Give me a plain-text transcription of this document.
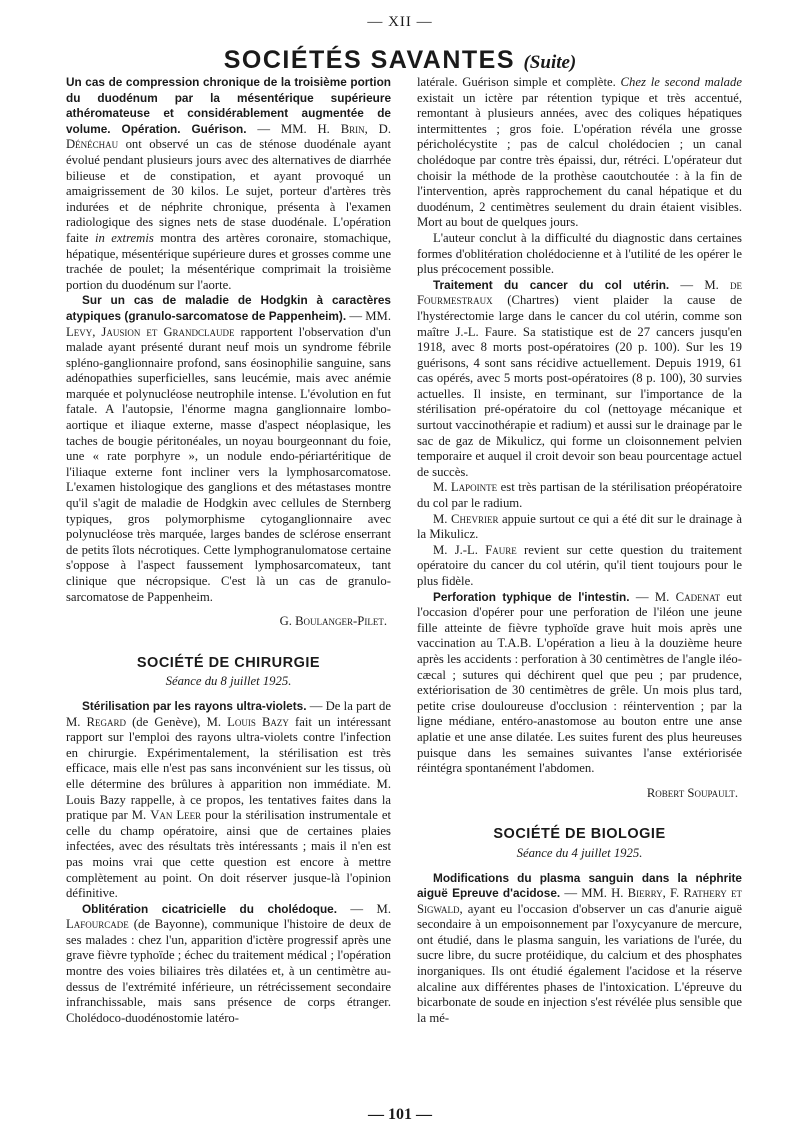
— XII —
SOCIÉTÉS SAVANTES (Suite)

Un cas de compression chronique de la troisième portion du duodénum par la mésentérique supérieure athéromateuse et considérablement augmentée de volume. Opération. Guérison. — MM. H. Brin, D. Dénéchau ont observé un cas de sténose duodénale ayant évolué pendant plusieurs jours avec des alternatives de diarrhée bilieuse et de constipation, et ayant provoqué un amaigrissement de 30 kilos. Le sujet, porteur d'artères très indurées et de néphrite chronique, présenta à l'examen radiologique des signes nets de stase duodénale. L'opération faite in extremis montra des artères coronaire, stomachique, hépatique, mésentérique supérieure dures et grosses comme une trachée de poulet; la mésentérique comprimait la troisième portion du duodénum sur l'aorte.

Sur un cas de maladie de Hodgkin à caractères atypiques (granulo-sarcomatose de Pappenheim). — MM. Levy, Jausion et Grandclaude rapportent l'observation d'un malade ayant présenté durant neuf mois un syndrome fébrile spléno-ganglionnaire profond, sans éosinophilie sanguine, sans adénopathies superficielles, sans leucémie, mais avec anémie marquée et polynucléose neutrophile intense. L'évolution en fut fatale. A l'autopsie, l'énorme magna ganglionnaire lombo-aortique et iliaque externe, masse d'aspect néoplasique, les taches de bougie péritonéales, un noyau bourgeonnant du foie, une « rate porphyre », un nodule endo-périartéritique de l'iliaque externe font incliner vers la lymphosarcomatose. L'examen histologique des ganglions et des métastases montre qu'il s'agit de maladie de Hodgkin avec cellules de Sternberg typiques, gros polymorphisme cytoganglionnaire avec polynucléose très marquée, larges bandes de sclérose enserrant de petits îlots nécrotiques. Cette lymphogranulomatose certaine s'oppose à l'aspect faussement lymphosarcomateux, tant clinique que nécropsique. C'est là un cas de granulo-sarcomatose de Pappenheim.

G. Boulanger-Pilet.
SOCIÉTÉ DE CHIRURGIE
Séance du 8 juillet 1925.

Stérilisation par les rayons ultra-violets. — De la part de M. Regard (de Genève), M. Louis Bazy fait un intéressant rapport sur l'emploi des rayons ultra-violets contre l'infection en chirurgie. Expérimentalement, la stérilisation est très efficace, mais elle n'est pas sans inconvénient sur les tissus, où elle détermine des brûlures à apparition non immédiate. M. Louis Bazy rappelle, à ce propos, les tentatives faites dans la pratique par M. Van Leer pour la stérilisation instrumentale et celle du champ opératoire, ainsi que de certaines plaies infectées, avec des résultats très intéressants ; mais il n'en est pas moins vrai que cette question est encore à mettre complètement au point. On doit réserver jusque-là l'opinion définitive.

Oblitération cicatricielle du cholédoque. — M. Lafourcade (de Bayonne), communique l'histoire de deux de ses malades : chez l'un, apparition d'ictère progressif après une grave fièvre typhoïde ; échec du traitement médical ; l'opération montre des voies biliaires très dilatées et, à un centimètre au-dessus de l'extrémité inférieure, un rétrécissement secondaire infranchissable, mais sans présence de corps étranger. Cholédoco-duodénostomie latéro-

latérale. Guérison simple et complète. Chez le second malade existait un ictère par rétention typique et très accentué, remontant à plusieurs années, avec des coliques hépatiques intermittentes ; gros foie. L'opération révéla une grosse péricholécystite ; pas de calcul cholédocien ; un canal cholédoque par contre très épaissi, dur, rétréci. L'opérateur dut choisir la méthode de la prothèse caoutchoutée : à la fin de l'intervention, après rapprochement du canal hépatique et du duodénum, 2 centimètres seulement du drain étaient visibles. Mort au bout de quelques jours.

L'auteur conclut à la difficulté du diagnostic dans certaines formes d'oblitération cholédocienne et à l'utilité de les opérer le plus précocement possible.

Traitement du cancer du col utérin. — M. de Fourmestraux (Chartres) vient plaider la cause de l'hystérectomie large dans le cancer du col utérin, comme son maître J.-L. Faure. Sa statistique est de 27 cancers jusqu'en 1918, avec 8 morts post-opératoires (20 p. 100). Sur les 19 guérisons, 4 sont sans récidive actuellement. Depuis 1919, 61 cas opérés, avec 5 morts post-opératoires (8 p. 100), 30 survies actuelles. Il insiste, en terminant, sur l'importance de la stérilisation pré-opératoire du col (nettoyage mécanique et surtout vaccinothérapie et radium) et aussi sur le drainage par le sac de gaz de Mikulicz, qui forme un cloisonnement pelvien temporaire et auquel il croit devoir son beau pourcentage actuel de succès.

M. Lapointe est très partisan de la stérilisation préopératoire du col par le radium.

M. Chevrier appuie surtout ce qui a été dit sur le drainage à la Mikulicz.

M. J.-L. Faure revient sur cette question du traitement opératoire du cancer du col utérin, qu'il tient toujours pour le plus fidèle.

Perforation typhique de l'intestin. — M. Cadenat eut l'occasion d'opérer pour une perforation de l'iléon une jeune fille atteinte de fièvre typhoïde grave huit mois après une vaccination au T.A.B. L'opération a lieu à la douzième heure après les accidents : perforation à 30 centimètres de l'angle iléo-cæcal ; sutures qui déchirent quel que peu ; par prudence, extériorisation de 30 centimètres de grêle. Un mois plus tard, petite crise douloureuse d'occlusion : réintervention ; par la ligne médiane, entéro-anastomose au bouton entre une anse aplatie et une anse dilatée. Les suites furent des plus heureuses puisque dans les semaines suivantes l'anse extériorisée réintégra spontanément l'abdomen.

Robert Soupault.
SOCIÉTÉ DE BIOLOGIE
Séance du 4 juillet 1925.

Modifications du plasma sanguin dans la néphrite aiguë Epreuve d'acidose. — MM. H. Bierry, F. Rathery et Sigwald, ayant eu l'occasion d'observer un cas d'anurie aiguë secondaire à un empoisonnement par l'oxycyanure de mercure, ont étudié, dans le plasma sanguin, les variations de l'urée, du sucre libre, du sucre protéidique, du calcium et des phosphates inorganiques. Ils ont étudié également l'acidose et la réserve alcaline aux différentes phases de l'intoxication. L'épreuve du bicarbonate de soude en injection s'est révélée plus sensible que la mé-

— 101 —
